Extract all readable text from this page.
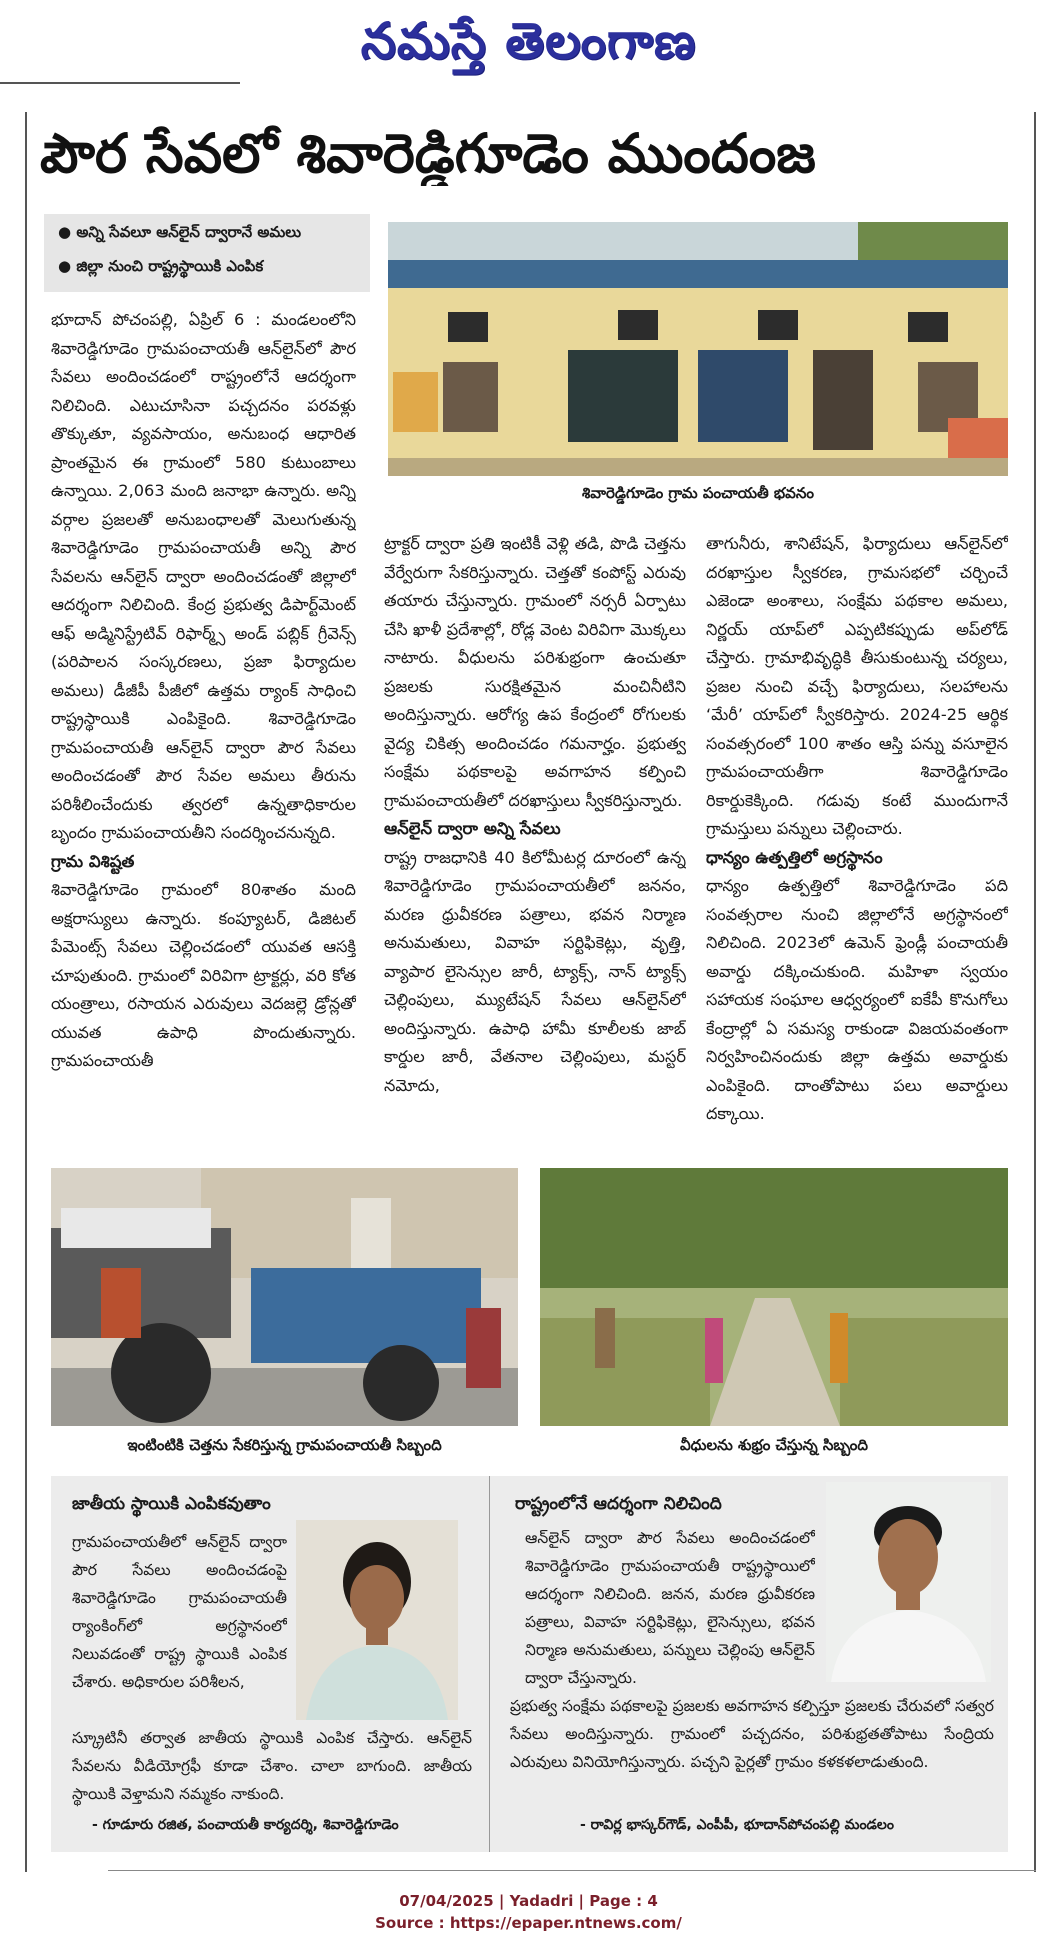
నమస్తే తెలంగాణ
పౌర సేవలో శివారెడ్డిగూడెం ముందంజ
● అన్ని సేవలూ ఆన్‌లైన్ ద్వారానే అమలు
● జిల్లా నుంచి రాష్ట్రస్థాయికి ఎంపిక
శివారెడ్డిగూడెం గ్రామ పంచాయతీ భవనం

భూదాన్ పోచంపల్లి, ఏప్రిల్ 6 : మండలంలోని శివారెడ్డిగూడెం గ్రామపంచాయతీ ఆన్‌లైన్‌లో పౌర సేవలు అందించడంలో రాష్ట్రంలోనే ఆదర్శంగా నిలిచింది. ఎటుచూసినా పచ్చదనం పరవళ్లు తొక్కుతూ, వ్యవసాయం, అనుబంధ ఆధారిత ప్రాంతమైన ఈ గ్రామంలో 580 కుటుంబాలు ఉన్నాయి. 2,063 మంది జనాభా ఉన్నారు. అన్ని వర్గాల ప్రజలతో అనుబంధాలతో మెలుగుతున్న శివారెడ్డిగూడెం గ్రామపంచాయతీ అన్ని పౌర సేవలను ఆన్‌లైన్ ద్వారా అందించడంతో జిల్లాలో ఆదర్శంగా నిలిచింది. కేంద్ర ప్రభుత్వ డిపార్ట్‌మెంట్ ఆఫ్ అడ్మినిస్ట్రేటివ్ రిఫార్మ్స్ అండ్ పబ్లిక్ గ్రీవెన్స్ (పరిపాలన సంస్కరణలు, ప్రజా ఫిర్యాదుల అమలు) డీజీపీ పీజీలో ఉత్తమ ర్యాంక్ సాధించి రాష్ట్రస్థాయికి ఎంపికైంది. శివారెడ్డిగూడెం గ్రామపంచాయతీ ఆన్‌లైన్ ద్వారా పౌర సేవలు అందించడంతో పౌర సేవల అమలు తీరును పరిశీలించేందుకు త్వరలో ఉన్నతాధికారుల బృందం గ్రామపంచాయతీని సందర్శించనున్నది.

గ్రామ విశిష్టత

శివారెడ్డిగూడెం గ్రామంలో 80శాతం మంది అక్షరాస్యులు ఉన్నారు. కంప్యూటర్, డిజిటల్ పేమెంట్స్ సేవలు చెల్లించడంలో యువత ఆసక్తి చూపుతుంది. గ్రామంలో విరివిగా ట్రాక్టర్లు, వరి కోత యంత్రాలు, రసాయన ఎరువులు వెదజల్లె డ్రోన్లతో యువత ఉపాధి పొందుతున్నారు. గ్రామపంచాయతీ

ట్రాక్టర్ ద్వారా ప్రతి ఇంటికీ వెళ్లి తడి, పొడి చెత్తను వేర్వేరుగా సేకరిస్తున్నారు. చెత్తతో కంపోస్ట్ ఎరువు తయారు చేస్తున్నారు. గ్రామంలో నర్సరీ ఏర్పాటు చేసి ఖాళీ ప్రదేశాల్లో, రోడ్ల వెంట విరివిగా మొక్కలు నాటారు. వీధులను పరిశుభ్రంగా ఉంచుతూ ప్రజలకు సురక్షితమైన మంచినీటిని అందిస్తున్నారు. ఆరోగ్య ఉప కేంద్రంలో రోగులకు వైద్య చికిత్స అందించడం గమనార్హం. ప్రభుత్వ సంక్షేమ పథకాలపై అవగాహన కల్పించి గ్రామపంచాయతీలో దరఖాస్తులు స్వీకరిస్తున్నారు.

ఆన్‌లైన్ ద్వారా అన్ని సేవలు

రాష్ట్ర రాజధానికి 40 కిలోమీటర్ల దూరంలో ఉన్న శివారెడ్డిగూడెం గ్రామపంచాయతీలో జననం, మరణ ధ్రువీకరణ పత్రాలు, భవన నిర్మాణ అనుమతులు, వివాహ సర్టిఫికెట్లు, వృత్తి, వ్యాపార లైసెన్సుల జారీ, ట్యాక్స్, నాన్ ట్యాక్స్ చెల్లింపులు, మ్యుటేషన్ సేవలు ఆన్‌లైన్‌లో అందిస్తున్నారు. ఉపాధి హామీ కూలీలకు జాబ్ కార్డుల జారీ, వేతనాల చెల్లింపులు, మస్టర్ నమోదు,

తాగునీరు, శానిటేషన్, ఫిర్యాదులు ఆన్‌లైన్‌లో దరఖాస్తుల స్వీకరణ, గ్రామసభలో చర్చించే ఎజెండా అంశాలు, సంక్షేమ పథకాల అమలు, నిర్ణయ్ యాప్‌లో ఎప్పటికప్పుడు అప్‌లోడ్ చేస్తారు. గ్రామాభివృద్ధికి తీసుకుంటున్న చర్యలు, ప్రజల నుంచి వచ్చే ఫిర్యాదులు, సలహాలను ‘మేరీ’ యాప్‌లో స్వీకరిస్తారు. 2024-25 ఆర్థిక సంవత్సరంలో 100 శాతం ఆస్తి పన్ను వసూలైన గ్రామపంచాయతీగా శివారెడ్డిగూడెం రికార్డుకెక్కింది. గడువు కంటే ముందుగానే గ్రామస్తులు పన్నులు చెల్లించారు.

ధాన్యం ఉత్పత్తిలో అగ్రస్థానం

ధాన్యం ఉత్పత్తిలో శివారెడ్డిగూడెం పది సంవత్సరాల నుంచి జిల్లాలోనే అగ్రస్థానంలో నిలిచింది. 2023లో ఉమెన్ ఫ్రెండ్లీ పంచాయతీ అవార్డు దక్కించుకుంది. మహిళా స్వయం సహాయక సంఘాల ఆధ్వర్యంలో ఐకేపీ కొనుగోలు కేంద్రాల్లో ఏ సమస్య రాకుండా విజయవంతంగా నిర్వహించినందుకు జిల్లా ఉత్తమ అవార్డుకు ఎంపికైంది. దాంతోపాటు పలు అవార్డులు దక్కాయి.

ఇంటింటికి చెత్తను సేకరిస్తున్న గ్రామపంచాయతీ సిబ్బంది	వీధులను శుభ్రం చేస్తున్న సిబ్బంది
జాతీయ స్థాయికి ఎంపికవుతాం
గ్రామపంచాయతీలో ఆన్‌లైన్ ద్వారా పౌర సేవలు అందించడంపై శివారెడ్డిగూడెం గ్రామపంచాయతీ ర్యాంకింగ్‌లో అగ్రస్థానంలో నిలువడంతో రాష్ట్ర స్థాయికి ఎంపిక చేశారు. అధికారుల పరిశీలన,
స్క్రూటినీ తర్వాత జాతీయ స్థాయికి ఎంపిక చేస్తారు. ఆన్‌లైన్ సేవలను వీడియోగ్రఫీ కూడా చేశాం. చాలా బాగుంది. జాతీయ స్థాయికి వెళ్తామని నమ్మకం నాకుంది.
- గూడూరు రజిత, పంచాయతీ కార్యదర్శి, శివారెడ్డిగూడెం
రాష్ట్రంలోనే ఆదర్శంగా నిలిచింది
ఆన్‌లైన్ ద్వారా పౌర సేవలు అందించడంలో శివారెడ్డిగూడెం గ్రామపంచాయతీ రాష్ట్రస్థాయిలో ఆదర్శంగా నిలిచింది. జనన, మరణ ధ్రువీకరణ పత్రాలు, వివాహ సర్టిఫికెట్లు, లైసెన్సులు, భవన నిర్మాణ అనుమతులు, పన్నులు చెల్లింపు ఆన్‌లైన్ ద్వారా చేస్తున్నారు.
ప్రభుత్వ సంక్షేమ పథకాలపై ప్రజలకు అవగాహన కల్పిస్తూ ప్రజలకు చేరువలో సత్వర సేవలు అందిస్తున్నారు. గ్రామంలో పచ్చదనం, పరిశుభ్రతతోపాటు సేంద్రియ ఎరువులు వినియోగిస్తున్నారు. పచ్చని పైర్లతో గ్రామం కళకళలాడుతుంది.
- రావిర్ల భాస్కర్‌గౌడ్, ఎంపీపీ, భూదాన్‌పోచంపల్లి మండలం
07/04/2025 | Yadadri | Page : 4
Source : https://epaper.ntnews.com/
